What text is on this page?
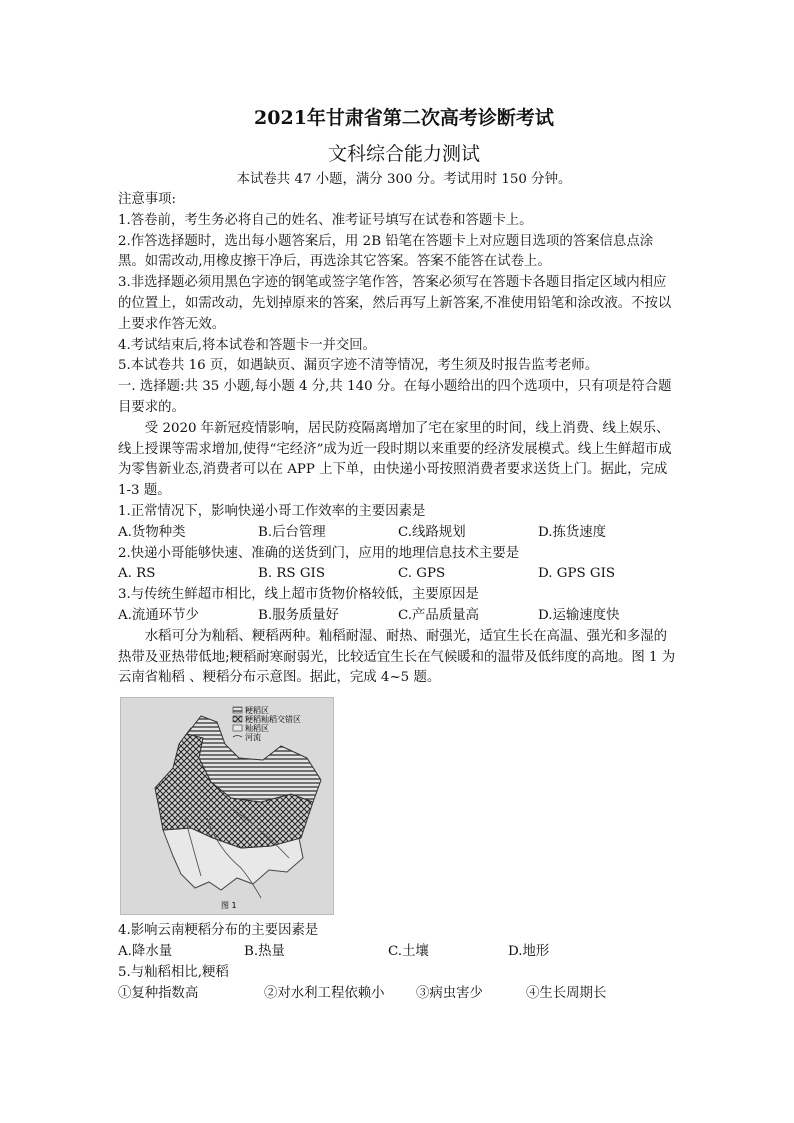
2021年甘肃省第二次高考诊断考试
文科综合能力测试
本试卷共 47 小题，满分 300 分。考试用时 150 分钟。

注意事项:

1.答卷前，考生务必将自己的姓名、准考证号填写在试卷和答题卡上。

2.作答选择题时，选出每小题答案后，用 2B 铅笔在答题卡上对应题目选项的答案信息点涂黑。如需改动,用橡皮擦干净后，再选涂其它答案。答案不能答在试卷上。

3.非选择题必须用黑色字迹的钢笔或签字笔作答，答案必须写在答题卡各题目指定区域内相应的位置上，如需改动，先划掉原来的答案，然后再写上新答案,不准使用铅笔和涂改液。不按以上要求作答无效。

4.考试结束后,将本试卷和答题卡一并交回。

5.本试卷共 16 页，如遇缺页、漏页字迹不清等情况，考生须及时报告监考老师。

一. 选择题:共 35 小题,每小题 4 分,共 140 分。在每小题给出的四个选项中，只有项是符合题目要求的。

受 2020 年新冠疫情影响，居民防疫隔离增加了宅在家里的时间，线上消费、线上娱乐、线上授课等需求增加,使得“宅经济”成为近一段时期以来重要的经济发展模式。线上生鲜超市成为零售新业态,消费者可以在 APP 上下单，由快递小哥按照消费者要求送货上门。据此，完成 1-3 题。

1.正常情况下，影响快递小哥工作效率的主要因素是

A.货物种类	B.后台管理	C.线路规划	D.拣货速度

2.快递小哥能够快速、准确的送货到门，应用的地理信息技术主要是

A. RS	B. RS GIS	C. GPS	D. GPS GIS

3.与传统生鲜超市相比，线上超市货物价格较低，主要原因是

A.流通环节少	B.服务质量好	C.产品质量高	D.运输速度快

水稻可分为籼稻、粳稻两种。籼稻耐湿、耐热、耐强光，适宜生长在高温、强光和多湿的热带及亚热带低地;粳稻耐寒耐弱光，比较适宜生长在气候暖和的温带及低纬度的高地。图 1 为云南省籼稻 、粳稻分布示意图。据此，完成 4~5 题。

粳稻区
粳稻籼稻交错区
籼稻区
河流
图 1

4.影响云南粳稻分布的主要因素是

A.降水量	B.热量	C.土壤	D.地形

5.与籼稻相比,粳稻

①复种指数高	②对水利工程依赖小	③病虫害少	④生长周期长
